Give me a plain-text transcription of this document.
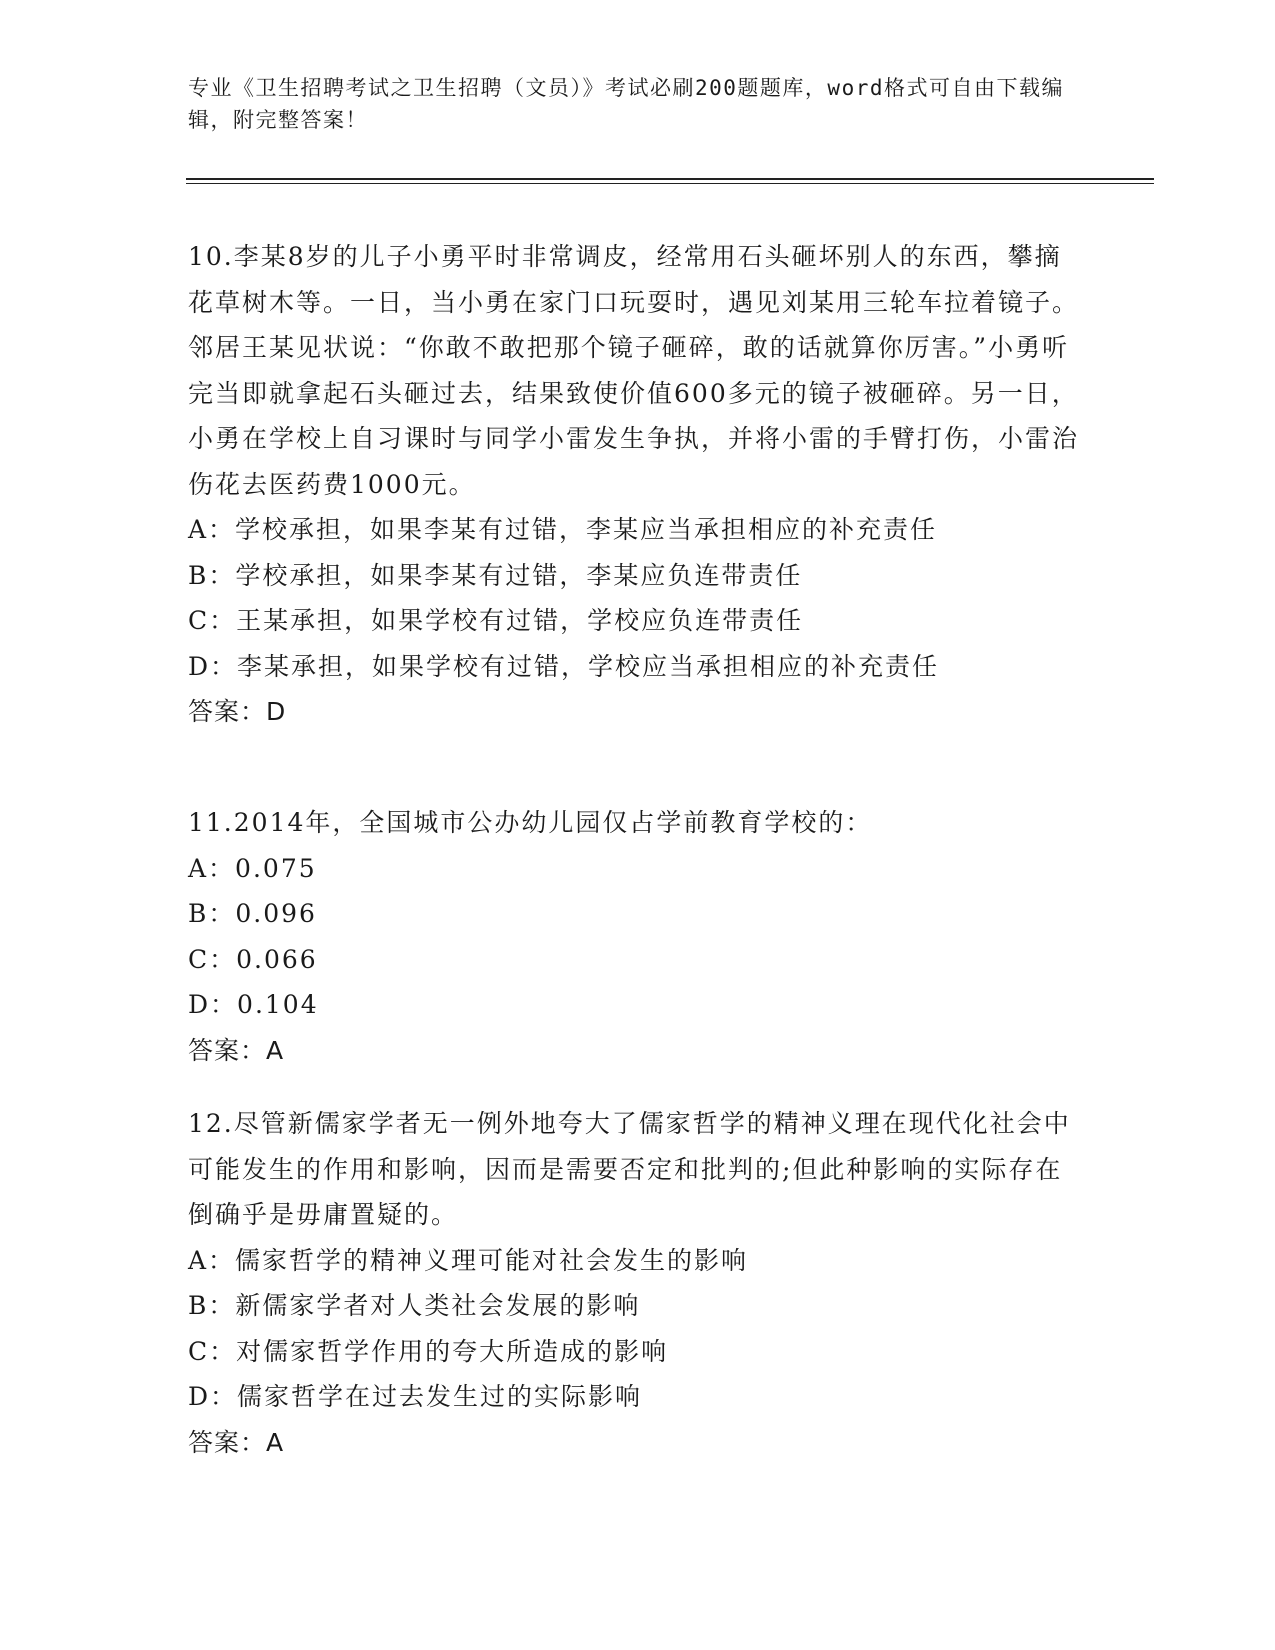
专业《卫生招聘考试之卫生招聘（文员）》考试必刷200题题库，word格式可自由下载编辑，附完整答案！

10.李某8岁的儿子小勇平时非常调皮，经常用石头砸坏别人的东西，攀摘花草树木等。一日，当小勇在家门口玩耍时，遇见刘某用三轮车拉着镜子。邻居王某见状说：“你敢不敢把那个镜子砸碎，敢的话就算你厉害。”小勇听完当即就拿起石头砸过去，结果致使价值600多元的镜子被砸碎。另一日，小勇在学校上自习课时与同学小雷发生争执，并将小雷的手臂打伤，小雷治伤花去医药费1000元。

A：学校承担，如果李某有过错，李某应当承担相应的补充责任

B：学校承担，如果李某有过错，李某应负连带责任

C：王某承担，如果学校有过错，学校应负连带责任

D：李某承担，如果学校有过错，学校应当承担相应的补充责任

答案：D

11.2014年，全国城市公办幼儿园仅占学前教育学校的：

A：0.075

B：0.096

C：0.066

D：0.104

答案：A

12.尽管新儒家学者无一例外地夸大了儒家哲学的精神义理在现代化社会中可能发生的作用和影响，因而是需要否定和批判的;但此种影响的实际存在倒确乎是毋庸置疑的。

A：儒家哲学的精神义理可能对社会发生的影响

B：新儒家学者对人类社会发展的影响

C：对儒家哲学作用的夸大所造成的影响

D：儒家哲学在过去发生过的实际影响

答案：A
